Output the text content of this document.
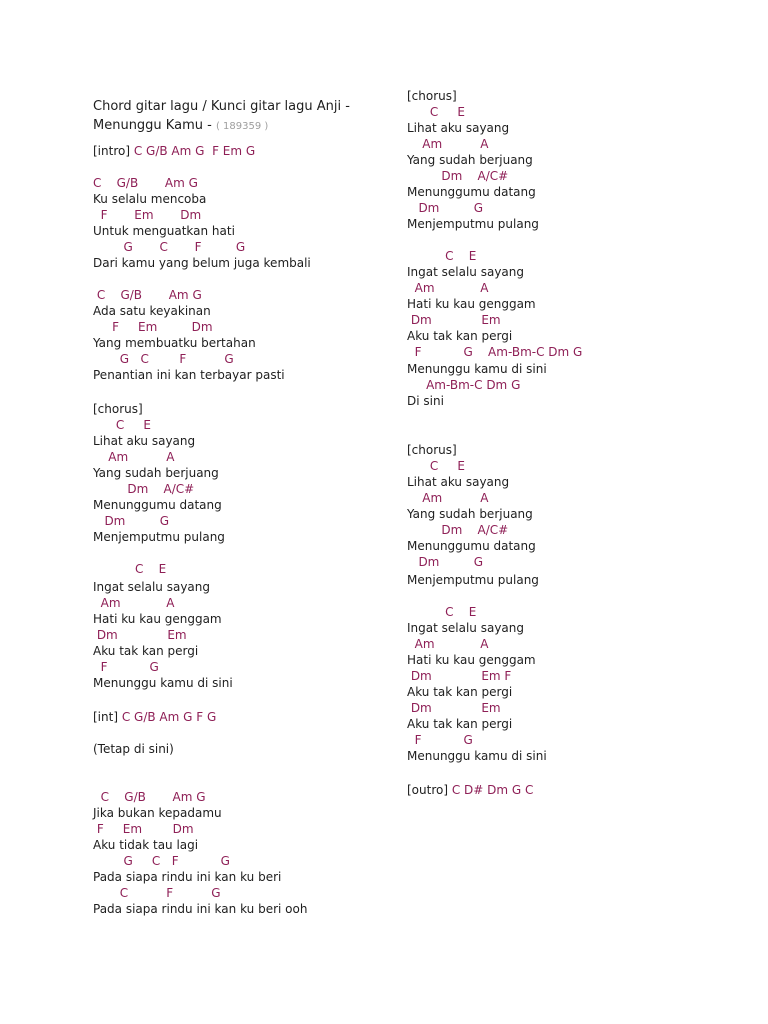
Chord gitar lagu / Kunci gitar lagu Anji - Menunggu Kamu - ( 189359 )
[intro] C G/B Am G  F Em G
C    G/B       Am G
Ku selalu mencoba
F       Em       Dm
Untuk menguatkan hati
G       C       F         G
Dari kamu yang belum juga kembali
C    G/B       Am G
Ada satu keyakinan
F     Em         Dm
Yang membuatku bertahan
G   C        F          G
Penantian ini kan terbayar pasti
[chorus]
C     E
Lihat aku sayang
Am          A
Yang sudah berjuang
Dm    A/C#
Menunggumu datang
Dm         G
Menjemputmu pulang
C    E
Ingat selalu sayang
Am            A
Hati ku kau genggam
Dm             Em
Aku tak kan pergi
F           G
Menunggu kamu di sini
[int] C G/B Am G F G
(Tetap di sini)
C    G/B       Am G
Jika bukan kepadamu
F     Em        Dm
Aku tidak tau lagi
G     C   F           G
Pada siapa rindu ini kan ku beri
C          F          G
Pada siapa rindu ini kan ku beri ooh
[chorus]
C     E
Lihat aku sayang
Am          A
Yang sudah berjuang
Dm    A/C#
Menunggumu datang
Dm         G
Menjemputmu pulang
C    E
Ingat selalu sayang
Am            A
Hati ku kau genggam
Dm             Em
Aku tak kan pergi
F           G    Am-Bm-C Dm G
Menunggu kamu di sini
Am-Bm-C Dm G
Di sini
[chorus]
C     E
Lihat aku sayang
Am          A
Yang sudah berjuang
Dm    A/C#
Menunggumu datang
Dm         G
Menjemputmu pulang
C    E
Ingat selalu sayang
Am            A
Hati ku kau genggam
Dm             Em F
Aku tak kan pergi
Dm             Em
Aku tak kan pergi
F           G
Menunggu kamu di sini
[outro] C D# Dm G C
